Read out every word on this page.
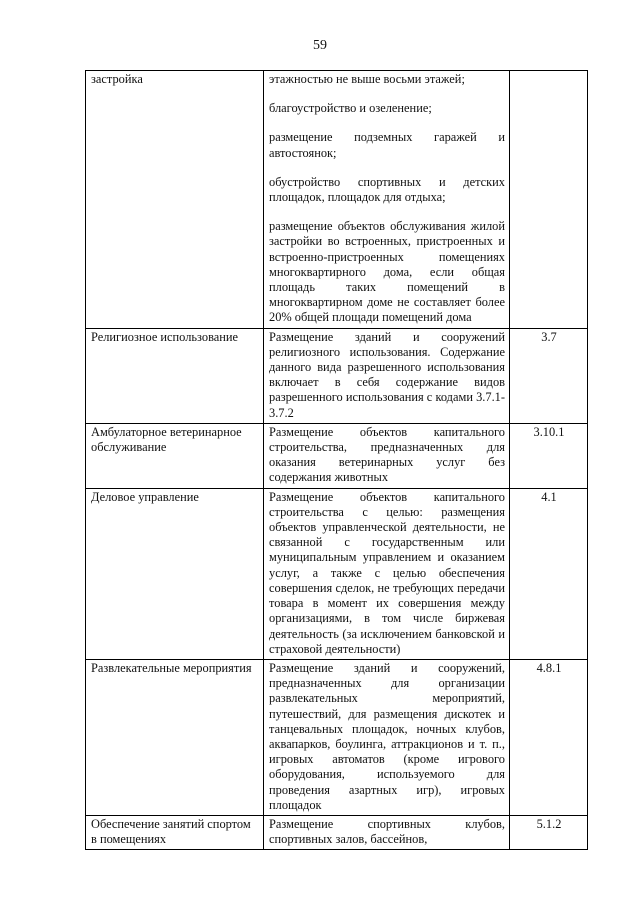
59
застройка	этажностью не выше восьми этажей;

благоустройство и озеленение;

размещение подземных гаражей и автостоянок;

обустройство спортивных и детских площадок, площадок для отдыха;

размещение объектов обслуживания жилой застройки во встроенных, пристроенных и встроенно-пристроенных помещениях многоквартирного дома, если общая площадь таких помещений в многоквартирном доме не составляет более 20% общей площади помещений дома	

Религиозное использование	Размещение зданий и сооружений религиозного использования. Содержание данного вида разрешенного использования включает в себя содержание видов разрешенного использования с кодами 3.7.1-3.7.2	3.7
Амбулаторное ветеринарное обслуживание	Размещение объектов капитального строительства, предназначенных для оказания ветеринарных услуг без содержания животных	3.10.1
Деловое управление	Размещение объектов капитального строительства с целью: размещения объектов управленческой деятельности, не связанной с государственным или муниципальным управлением и оказанием услуг, а также с целью обеспечения совершения сделок, не требующих передачи товара в момент их совершения между организациями, в том числе биржевая деятельность (за исключением банковской и страховой деятельности)	4.1
Развлекательные мероприятия	Размещение зданий и сооружений, предназначенных для организации развлекательных мероприятий, путешествий, для размещения дискотек и танцевальных площадок, ночных клубов, аквапарков, боулинга, аттракционов и т. п., игровых автоматов (кроме игрового оборудования, используемого для проведения азартных игр), игровых площадок	4.8.1
Обеспечение занятий спортом в помещениях	Размещение спортивных клубов, спортивных залов, бассейнов,	5.1.2
